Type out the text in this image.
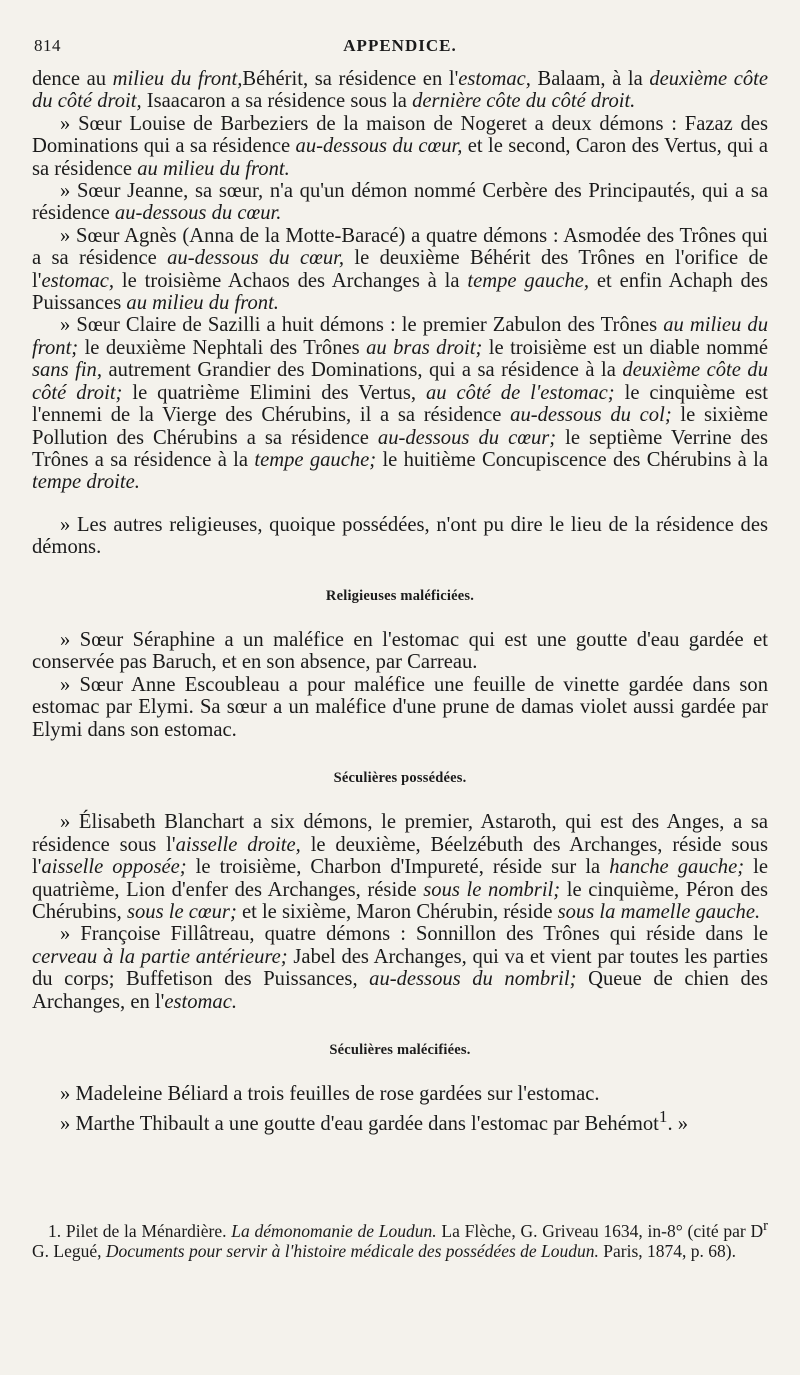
814	APPENDICE.

dence au milieu du front,Béhérit, sa résidence en l'estomac, Balaam, à la deuxième côte du côté droit, Isaacaron a sa résidence sous la dernière côte du côté droit.

» Sœur Louise de Barbeziers de la maison de Nogeret a deux démons : Fazaz des Dominations qui a sa résidence au-dessous du cœur, et le second, Caron des Vertus, qui a sa résidence au milieu du front.

» Sœur Jeanne, sa sœur, n'a qu'un démon nommé Cerbère des Principautés, qui a sa résidence au-dessous du cœur.

» Sœur Agnès (Anna de la Motte-Baracé) a quatre démons : Asmodée des Trônes qui a sa résidence au-dessous du cœur, le deuxième Béhérit des Trônes en l'orifice de l'estomac, le troisième Achaos des Archanges à la tempe gauche, et enfin Achaph des Puissances au milieu du front.

» Sœur Claire de Sazilli a huit démons : le premier Zabulon des Trônes au milieu du front; le deuxième Nephtali des Trônes au bras droit; le troisième est un diable nommé sans fin, autrement Grandier des Dominations, qui a sa résidence à la deuxième côte du côté droit; le quatrième Elimini des Vertus, au côté de l'estomac; le cinquième est l'ennemi de la Vierge des Chérubins, il a sa résidence au-dessous du col; le sixième Pollution des Chérubins a sa résidence au-dessous du cœur; le septième Verrine des Trônes a sa résidence à la tempe gauche; le huitième Concupiscence des Chérubins à la tempe droite.

» Les autres religieuses, quoique possédées, n'ont pu dire le lieu de la résidence des démons.

Religieuses maléficiées.

» Sœur Séraphine a un maléfice en l'estomac qui est une goutte d'eau gardée et conservée pas Baruch, et en son absence, par Carreau.

» Sœur Anne Escoubleau a pour maléfice une feuille de vinette gardée dans son estomac par Elymi. Sa sœur a un maléfice d'une prune de damas violet aussi gardée par Elymi dans son estomac.

Séculières possédées.

» Élisabeth Blanchart a six démons, le premier, Astaroth, qui est des Anges, a sa résidence sous l'aisselle droite, le deuxième, Béelzébuth des Archanges, réside sous l'aisselle opposée; le troisième, Charbon d'Impureté, réside sur la hanche gauche; le quatrième, Lion d'enfer des Archanges, réside sous le nombril; le cinquième, Péron des Chérubins, sous le cœur; et le sixième, Maron Chérubin, réside sous la mamelle gauche.

» Françoise Fillâtreau, quatre démons : Sonnillon des Trônes qui réside dans le cerveau à la partie antérieure; Jabel des Archanges, qui va et vient par toutes les parties du corps; Buffetison des Puissances, au-dessous du nombril; Queue de chien des Archanges, en l'estomac.

Séculières malécifiées.

» Madeleine Béliard a trois feuilles de rose gardées sur l'estomac.

» Marthe Thibault a une goutte d'eau gardée dans l'estomac par Behémot$^1$. »

1. Pilet de la Ménardière. La démonomanie de Loudun. La Flèche, G. Griveau 1634, in-8° (cité par $D^r$ G. Legué, Documents pour servir à l'histoire médicale des possédées de Loudun. Paris, 1874, p. 68).
